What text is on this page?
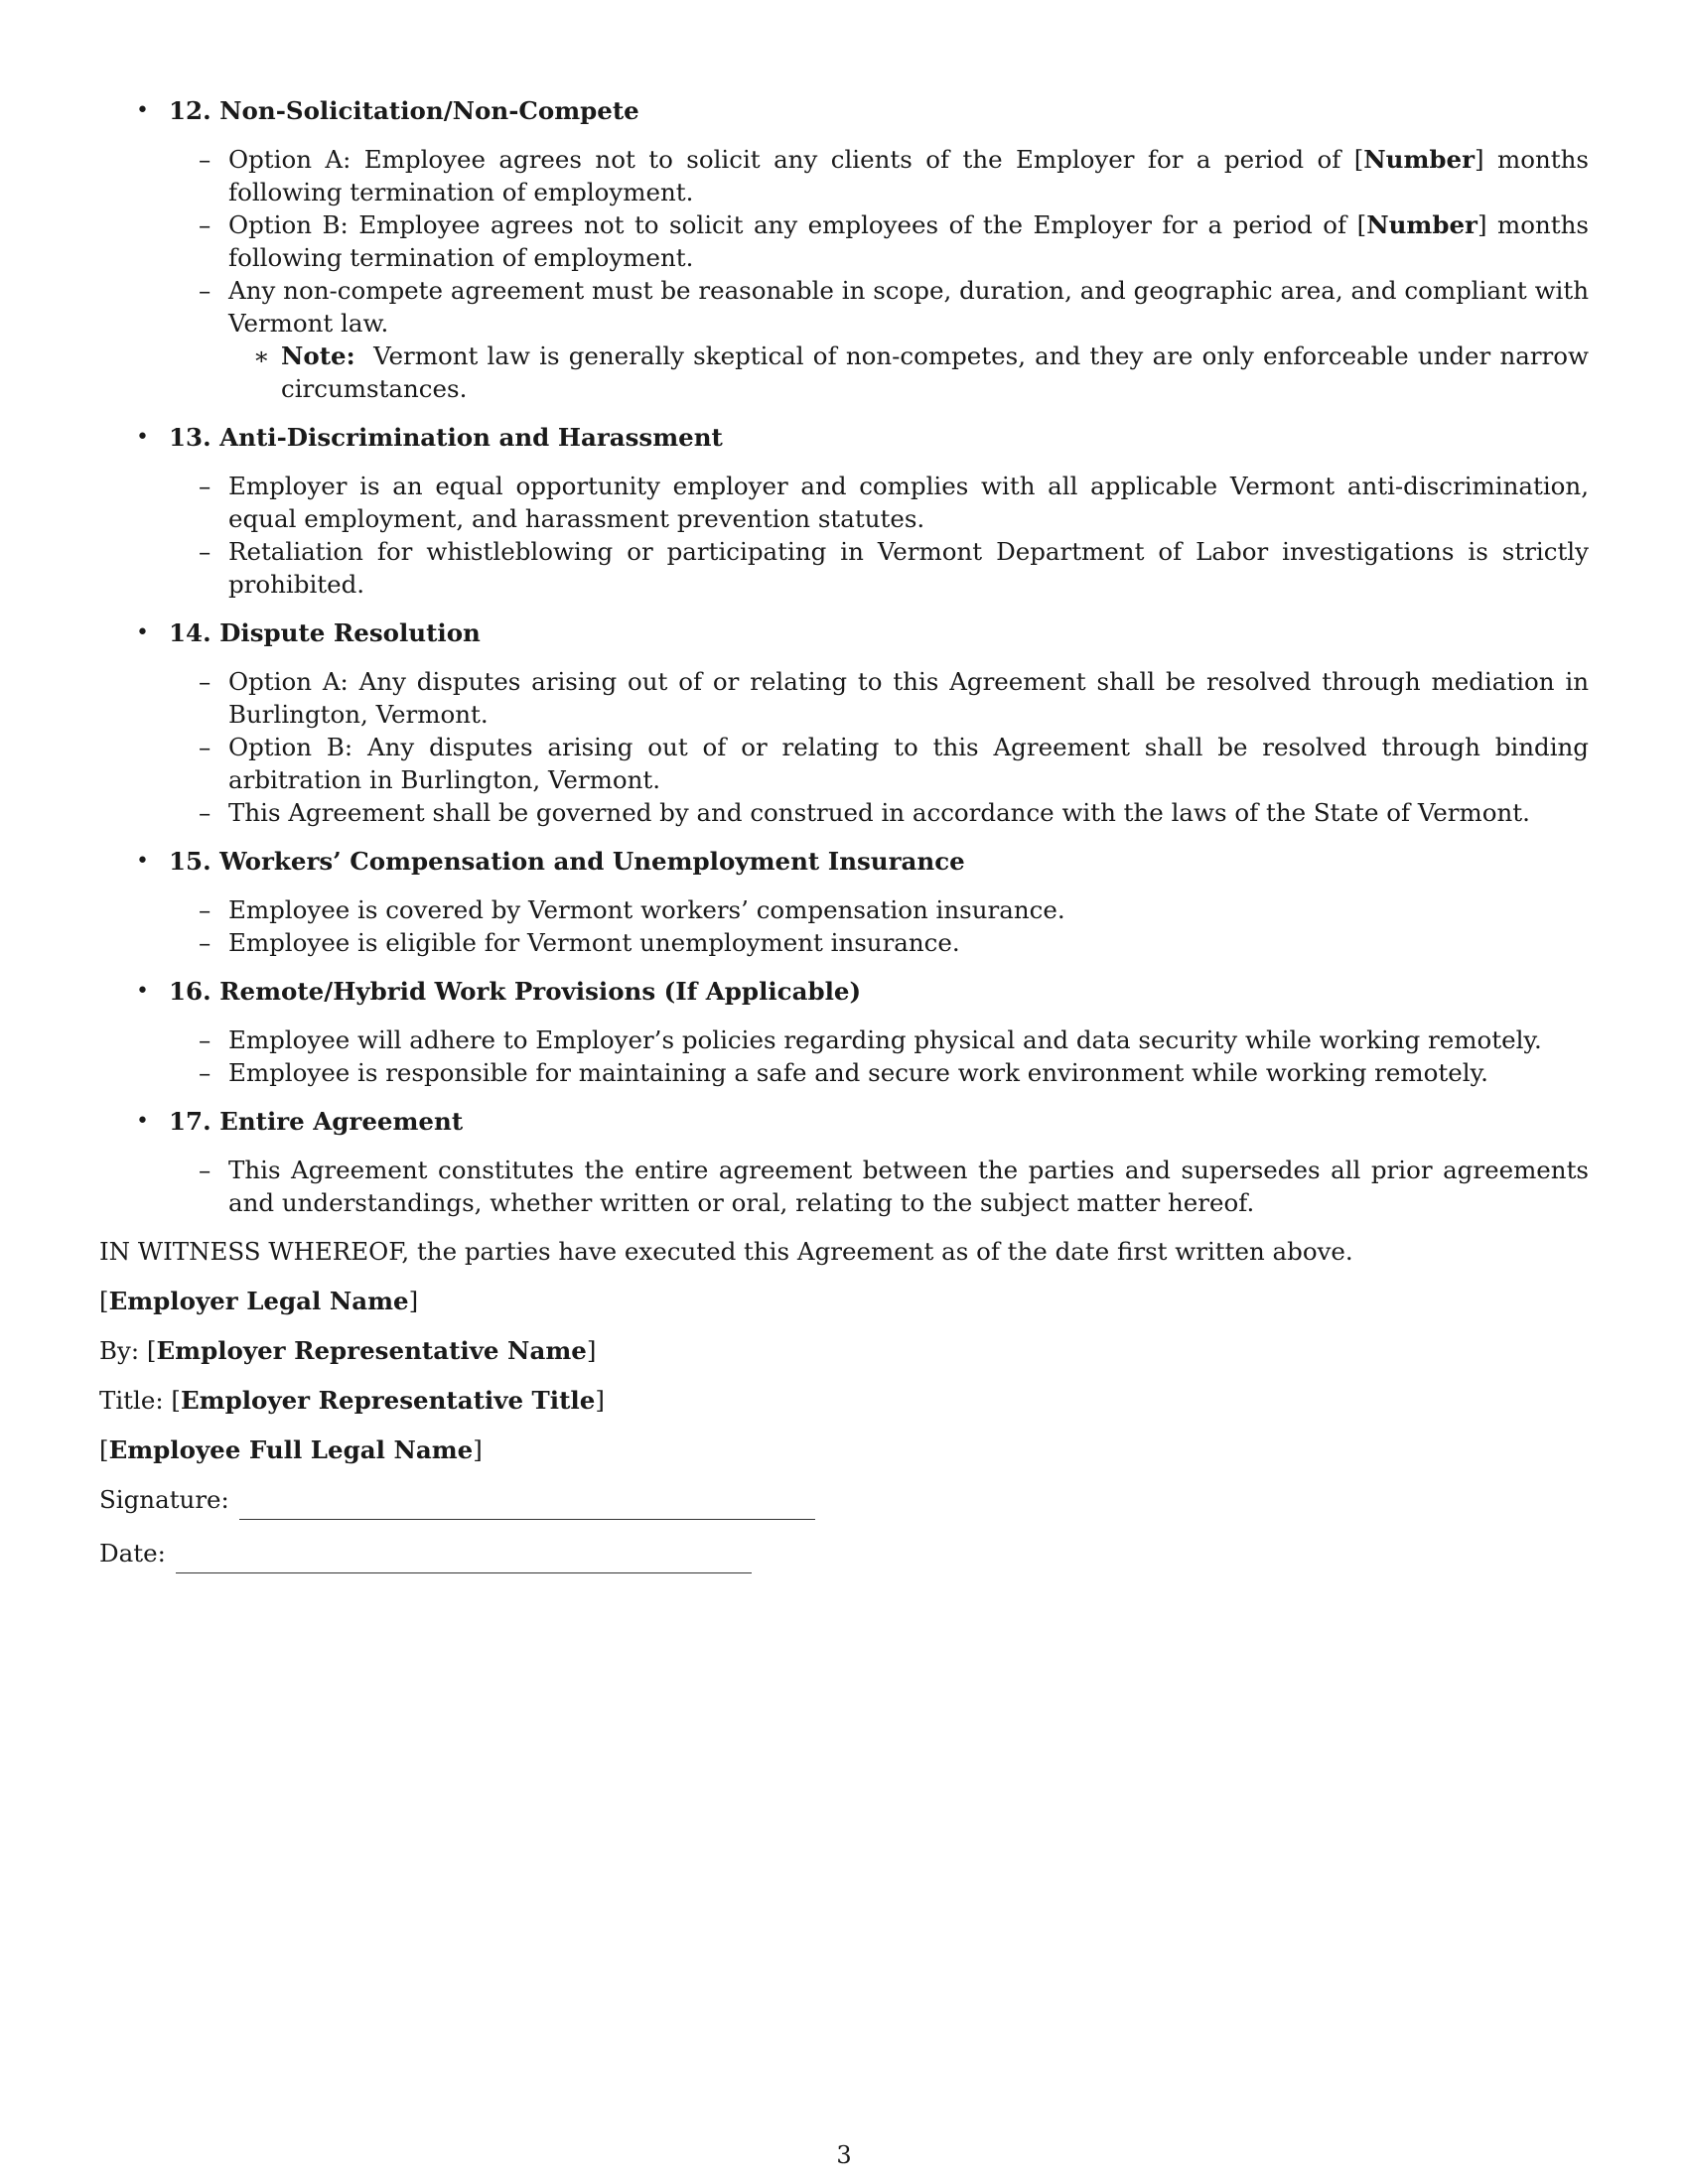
• 12. Non-Solicitation/Non-Compete
– Option A: Employee agrees not to solicit any clients of the Employer for a period of [Number] months following termination of employment.
– Option B: Employee agrees not to solicit any employees of the Employer for a period of [Number] months following termination of employment.
– Any non-compete agreement must be reasonable in scope, duration, and geographic area, and compliant with Vermont law.
∗ Note: Vermont law is generally skeptical of non-competes, and they are only enforceable under narrow circumstances.
• 13. Anti-Discrimination and Harassment
– Employer is an equal opportunity employer and complies with all applicable Vermont anti-discrimination, equal employment, and harassment prevention statutes.
– Retaliation for whistleblowing or participating in Vermont Department of Labor investigations is strictly prohibited.
• 14. Dispute Resolution
– Option A: Any disputes arising out of or relating to this Agreement shall be resolved through mediation in Burlington, Vermont.
– Option B: Any disputes arising out of or relating to this Agreement shall be resolved through binding arbitration in Burlington, Vermont.
– This Agreement shall be governed by and construed in accordance with the laws of the State of Vermont.
• 15. Workers’ Compensation and Unemployment Insurance
– Employee is covered by Vermont workers’ compensation insurance.
– Employee is eligible for Vermont unemployment insurance.
• 16. Remote/Hybrid Work Provisions (If Applicable)
– Employee will adhere to Employer’s policies regarding physical and data security while working remotely.
– Employee is responsible for maintaining a safe and secure work environment while working remotely.
• 17. Entire Agreement
– This Agreement constitutes the entire agreement between the parties and supersedes all prior agreements and understandings, whether written or oral, relating to the subject matter hereof.
IN WITNESS WHEREOF, the parties have executed this Agreement as of the date first written above.
[Employer Legal Name]
By: [Employer Representative Name]
Title: [Employer Representative Title]
[Employee Full Legal Name]
Signature:
Date:
3
